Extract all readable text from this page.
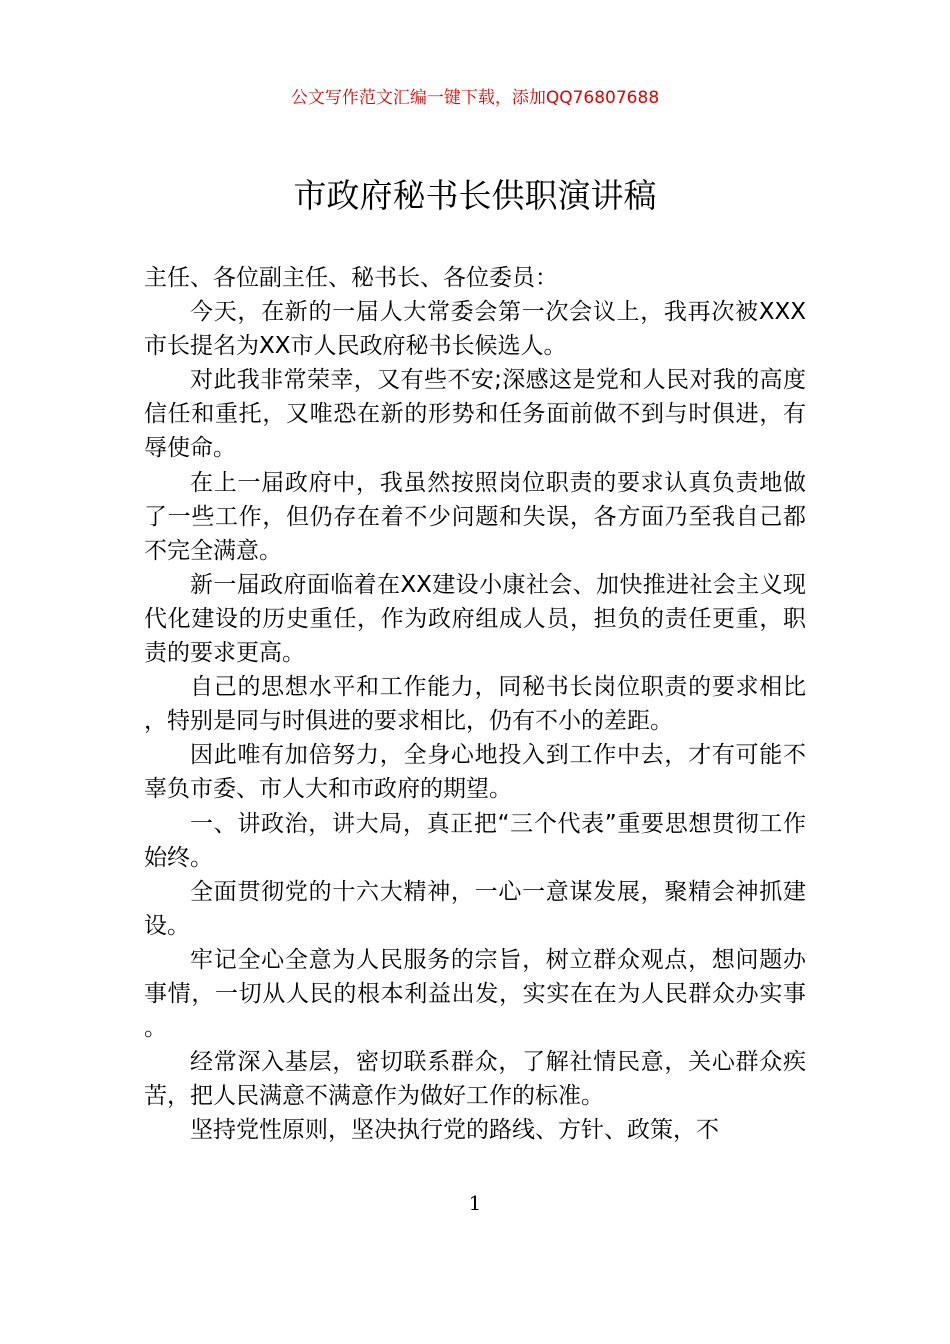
公文写作范文汇编一键下载，添加QQ76807688
市政府秘书长供职演讲稿

主任、各位副主任、秘书长、各位委员：

今天，在新的一届人大常委会第一次会议上，我再次被XXX市长提名为XX市人民政府秘书长候选人。

对此我非常荣幸，又有些不安;深感这是党和人民对我的高度信任和重托，又唯恐在新的形势和任务面前做不到与时俱进，有辱使命。

在上一届政府中，我虽然按照岗位职责的要求认真负责地做了一些工作，但仍存在着不少问题和失误，各方面乃至我自己都不完全满意。

新一届政府面临着在XX建设小康社会、加快推进社会主义现代化建设的历史重任，作为政府组成人员，担负的责任更重，职责的要求更高。

自己的思想水平和工作能力，同秘书长岗位职责的要求相比，特别是同与时俱进的要求相比，仍有不小的差距。

因此唯有加倍努力，全身心地投入到工作中去，才有可能不辜负市委、市人大和市政府的期望。

一、讲政治，讲大局，真正把“三个代表”重要思想贯彻工作始终。

全面贯彻党的十六大精神，一心一意谋发展，聚精会神抓建设。

牢记全心全意为人民服务的宗旨，树立群众观点，想问题办事情，一切从人民的根本利益出发，实实在在为人民群众办实事。

经常深入基层，密切联系群众，了解社情民意，关心群众疾苦，把人民满意不满意作为做好工作的标准。

坚持党性原则，坚决执行党的路线、方针、政策，不

1
